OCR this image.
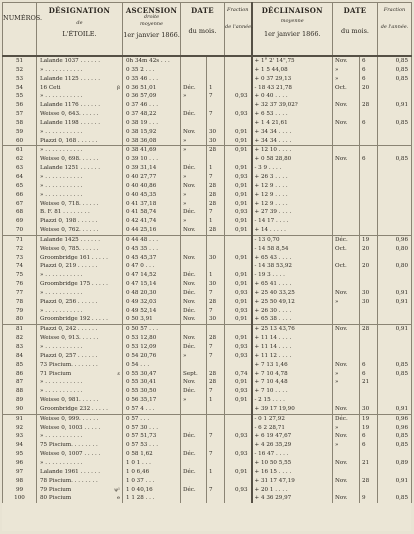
NUMÉROS.	DÉSIGNATION
de
L'ÉTOILE.	ASCENSION
droite
moyenne
1er janvier 1866.	DATE
du mois.		Fraction
de l'année.	DÉCLINAISON
moyenne
1er janvier 1866.	DATE
du mois.		Fraction
de l'année.

51	Lalande 1037 . . . . . .	0h 34m 42s . . .				+ 1° 2' 14",75	Nov.	6	0,85
52	» . . . . . . . . . . .	0 35 2 . . .				+ 1 5 44,08	»	6	0,85
53	Lalande 1125 . . . . . .	0 35 46 . . .				+ 0 37 29,13	»	6	0,85
54	16 Ceti β	0 36 51,01	Déc.	1		- 18 43 21,78	Oct.	20	
55	» . . . . . . . . . . .	0 36 57,09	»	7	0,93	+ 0 40 . . . .			
56	Lalande 1176 . . . . . .	0 37 46 . . .				+ 32 37 39,02?	Nov.	28	0,91
57	Weisse 0, 643. . . . . .	0 37 48,22	Déc.	7	0,93	+ 6 53 . . . .			
58	Lalande 1198 . . . . . .	0 38 19 . . .				+ 1 4 21,61	Nov.	6	0,85
59	» . . . . . . . . . . .	0 38 15,92	Nov.	30	0,91	+ 34 34 . . . .			
60	Piazzi 0, 168 . . . . . .	0 38 36,08	»	30	0,91	+ 34 34 . . . .			
61	» . . . . . . . . . . .	0 38 41,69	»	28	0,91	+ 12 10 . . . .			
62	Weisse 0, 698. . . . . .	0 39 10 . . .				+ 0 58 28,80	Nov.	6	0,85
63	Lalande 1251 . . . . . .	0 39 31,14	Déc.	1	0,91	- 3 9 . . . .			
64	» . . . . . . . . . . .	0 40 27,77	»	7	0,93	+ 26 3 . . . .			
65	» . . . . . . . . . . .	0 40 40,86	Nov.	28	0,91	+ 12 9 . . . .			
66	» . . . . . . . . . . .	0 40 45,35	»	28	0,91	+ 12 9 . . . .			
67	Weisse 0, 718. . . . . .	0 41 37,18	»	28	0,91	+ 12 9 . . . .			
68	B. F. 81 . . . . . . . .	0 41 58,74	Déc.	7	0,93	+ 27 39 . . . .			
69	Piazzi 0, 198 . . . . . .	0 42 41,74	»	1	0,91	- 14 17 . . . .			
70	Weisse 0, 762. . . . . .	0 44 25,16	Nov.	28	0,91	+ 14 . . . . .			
71	Lalande 1425 . . . . . .	0 44 48 . . .				- 13 0,70	Déc.	19	0,96
72	Weisse 0, 785. . . . . .	0 45 35 . . .				- 14 58 8,54	Oct.	20	0,80
73	Groombridge 161 . . . . .	0 45 45,37	Nov.	30	0,91	+ 65 43 . . . .			
74	Piazzi 0, 219 . . . . . .	0 47 0 . . .				- 14 38 53,92	Oct.	20	0,80
75	» . . . . . . . . . . .	0 47 14,52	Déc.	1	0,91	- 19 3 . . . .			
76	Groombridge 175 . . . . .	0 47 15,14	Nov.	30	0,91	+ 65 41 . . . .			
77	» . . . . . . . . . . .	0 48 20,30	Déc.	7	0,93	+ 25 40 33,25	Nov.	30	0,91
78	Piazzi 0, 256 . . . . . .	0 49 32,03	Nov.	28	0,91	+ 25 50 49,12	»	30	0,91
79	» . . . . . . . . . . .	0 49 52,14	Déc.	7	0,93	+ 26 30 . . . .			
80	Groombridge 192 . . . . .	0 50 3,91	Nov.	30	0,91	+ 65 38 . . . .			
81	Piazzi 0, 242 . . . . . .	0 50 57 . . .				+ 25 13 43,76	Nov.	28	0,91
82	Weisse 0, 913. . . . . .	0 53 12,80	Nov.	28	0,91	+ 11 14 . . . .			
83	» . . . . . . . . . . .	0 53 12,09	Déc.	7	0,93	+ 11 14 . . . .			
84	Piazzi 0, 257 . . . . . .	0 54 20,76	»	7	0,93	+ 11 12 . . . .			
85	73 Piscium. . . . . . . .	0 54 . . .				+ 7 13 1,46	Nov.	6	0,85
86	71 Piscium ε	0 55 30,47	Sept.	28	0,74	+ 7 10 4,78	»	6	0,85
87	» . . . . . . . . . . .	0 55 30,41	Nov.	28	0,91	+ 7 10 4,48	»	21	
88	» . . . . . . . . . . .	0 55 30,50	Déc.	7	0,93	+ 7 10 . . . .			
89	Weisse 0, 981. . . . . .	0 56 35,17	»	1	0,91	- 2 15 . . . .			
90	Groombridge 232 . . . . .	0 57 4 . . .				+ 39 17 19,90	Nov.	30	0,91
91	Weisse 0, 999. . . . . .	0 57 . . .				- 0 1 27,92	Déc.	19	0,96
92	Weisse 0, 1003 . . . . .	0 57 30 . . .				- 6 2 28,71	»	19	0,96
93	» . . . . . . . . . . .	0 57 51,73	Déc.	7	0,93	+ 6 19 47,67	Nov.	6	0,85
94	75 Piscium. . . . . . . .	0 57 53 . . .				+ 4 26 35,29	»	6	0,85
95	Weisse 0, 1007 . . . . .	0 58 1,62	Déc.	7	0,93	- 16 47 . . . .			
96	» . . . . . . . . . . .	1 0 1 . . .				+ 10 50 5,55	Nov.	21	0,89
97	Lalande 1961 . . . . . .	1 0 6,46	Déc.	1	0,91	+ 16 15 . . . .			
98	78 Piscium. . . . . . . .	1 0 37 . . .				+ 31 17 47,19	Nov.	28	0,91
99	79 Piscium ψ¹	1 0 40,16	Déc.	7	0,93	+ 20 1 . . . .			
100	80 Piscium e	1 1 28 . . .				+ 4 36 29,97	Nov.	9	0,85
